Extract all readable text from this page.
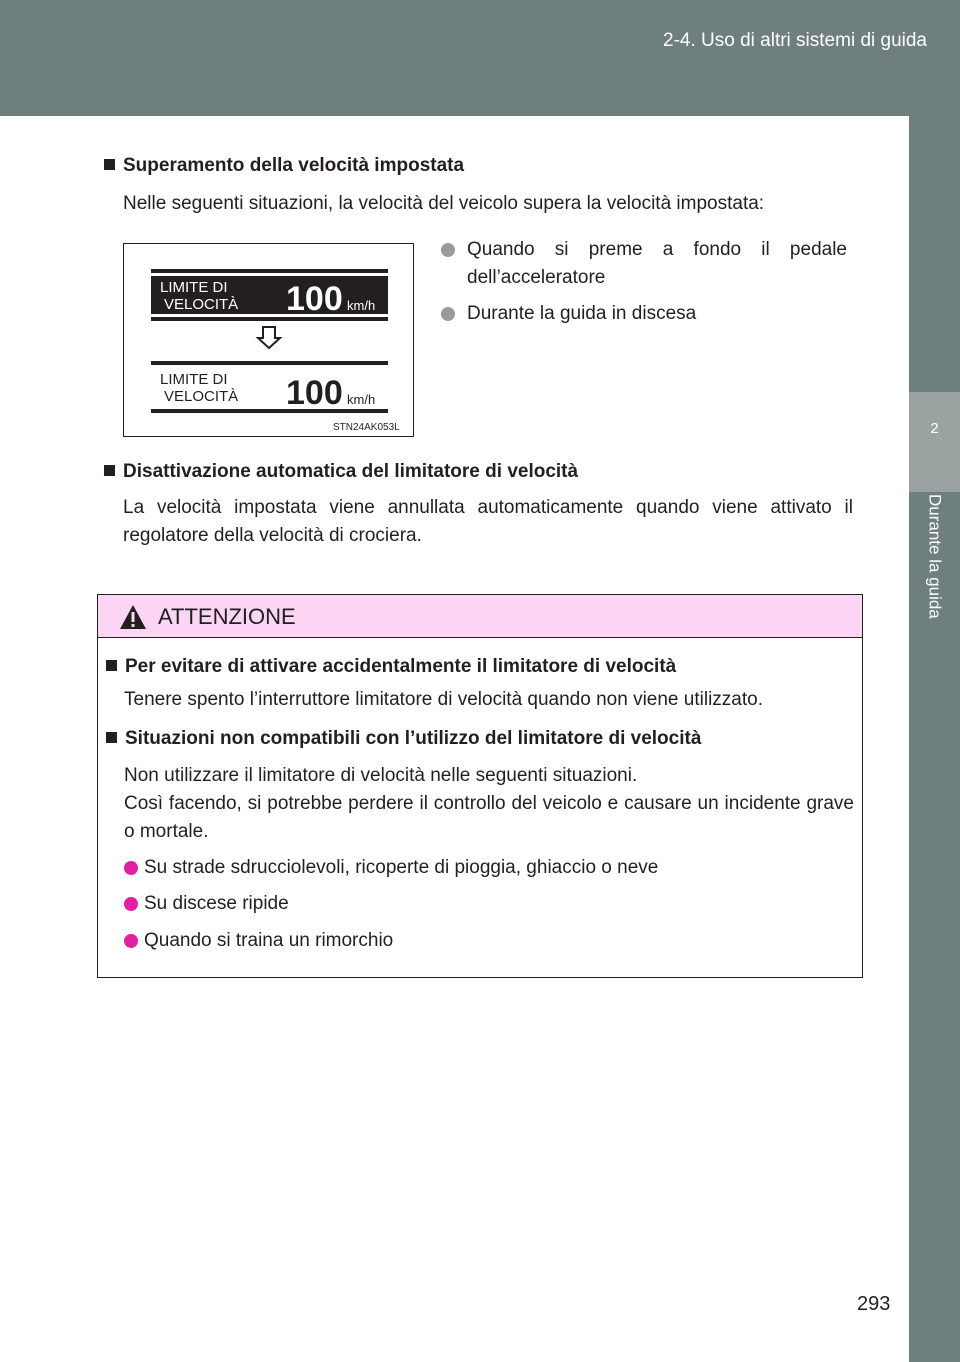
2-4. Uso di altri sistemi di guida
2
Durante la guida
Superamento della velocità impostata
Nelle seguenti situazioni, la velocità del veicolo supera la velocità impostata:
LIMITE DI
VELOCITÀ 100 km/h
LIMITE DI
VELOCITÀ 100 km/h
STN24AK053L
Quando si preme a fondo il pedale dell’acceleratore
Durante la guida in discesa
Disattivazione automatica del limitatore di velocità
La velocità impostata viene annullata automaticamente quando viene attivato il regolatore della velocità di crociera.
ATTENZIONE
Per evitare di attivare accidentalmente il limitatore di velocità
Tenere spento l’interruttore limitatore di velocità quando non viene utilizzato.
Situazioni non compatibili con l’utilizzo del limitatore di velocità
Non utilizzare il limitatore di velocità nelle seguenti situazioni.
Così facendo, si potrebbe perdere il controllo del veicolo e causare un incidente grave o mortale.
Su strade sdrucciolevoli, ricoperte di pioggia, ghiaccio o neve
Su discese ripide
Quando si traina un rimorchio
293
